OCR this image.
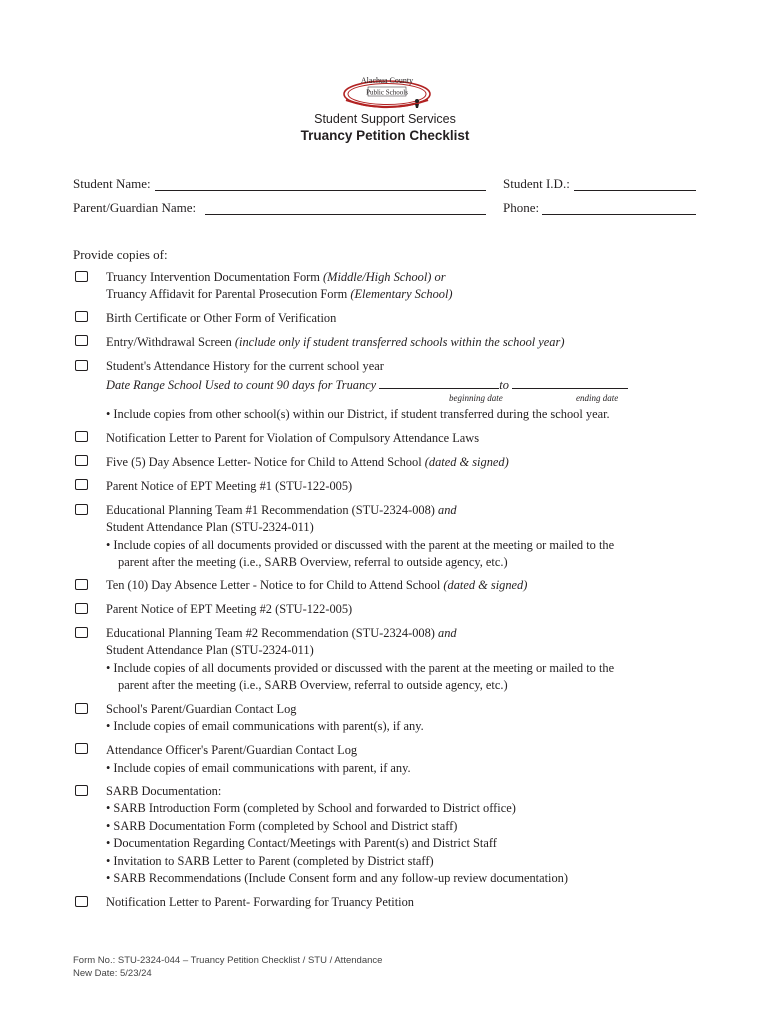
Alachua County
Public Schools
Student Support Services
Truancy Petition Checklist
Student Name:	Student I.D.:
Parent/Guardian Name:	Phone:
Provide copies of:
Truancy Intervention Documentation Form (Middle/High School) or
Truancy Affidavit for Parental Prosecution Form (Elementary School)
Birth Certificate or Other Form of Verification
Entry/Withdrawal Screen (include only if student transferred schools within the school year)
Student's Attendance History for the current school year
Date Range School Used to count 90 days for Truancy	to
beginning date	ending date
• Include copies from other school(s) within our District, if student transferred during the school year.
Notification Letter to Parent for Violation of Compulsory Attendance Laws
Five (5) Day Absence Letter- Notice for Child to Attend School (dated & signed)
Parent Notice of EPT Meeting #1 (STU-122-005)
Educational Planning Team #1 Recommendation (STU-2324-008) and
Student Attendance Plan (STU-2324-011)
• Include copies of all documents provided or discussed with the parent at the meeting or mailed to the
parent after the meeting (i.e., SARB Overview, referral to outside agency, etc.)
Ten (10) Day Absence Letter - Notice to for Child to Attend School (dated & signed)
Parent Notice of EPT Meeting #2 (STU-122-005)
Educational Planning Team #2 Recommendation (STU-2324-008) and
Student Attendance Plan (STU-2324-011)
• Include copies of all documents provided or discussed with the parent at the meeting or mailed to the
parent after the meeting (i.e., SARB Overview, referral to outside agency, etc.)
School's Parent/Guardian Contact Log
• Include copies of email communications with parent(s), if any.
Attendance Officer's Parent/Guardian Contact Log
• Include copies of email communications with parent, if any.
SARB Documentation:
• SARB Introduction Form (completed by School and forwarded to District office)
• SARB Documentation Form (completed by School and District staff)
• Documentation Regarding Contact/Meetings with Parent(s) and District Staff
• Invitation to SARB Letter to Parent (completed by District staff)
• SARB Recommendations (Include Consent form and any follow-up review documentation)
Notification Letter to Parent- Forwarding for Truancy Petition
Form No.: STU-2324-044 – Truancy Petition Checklist / STU / Attendance
New Date: 5/23/24
